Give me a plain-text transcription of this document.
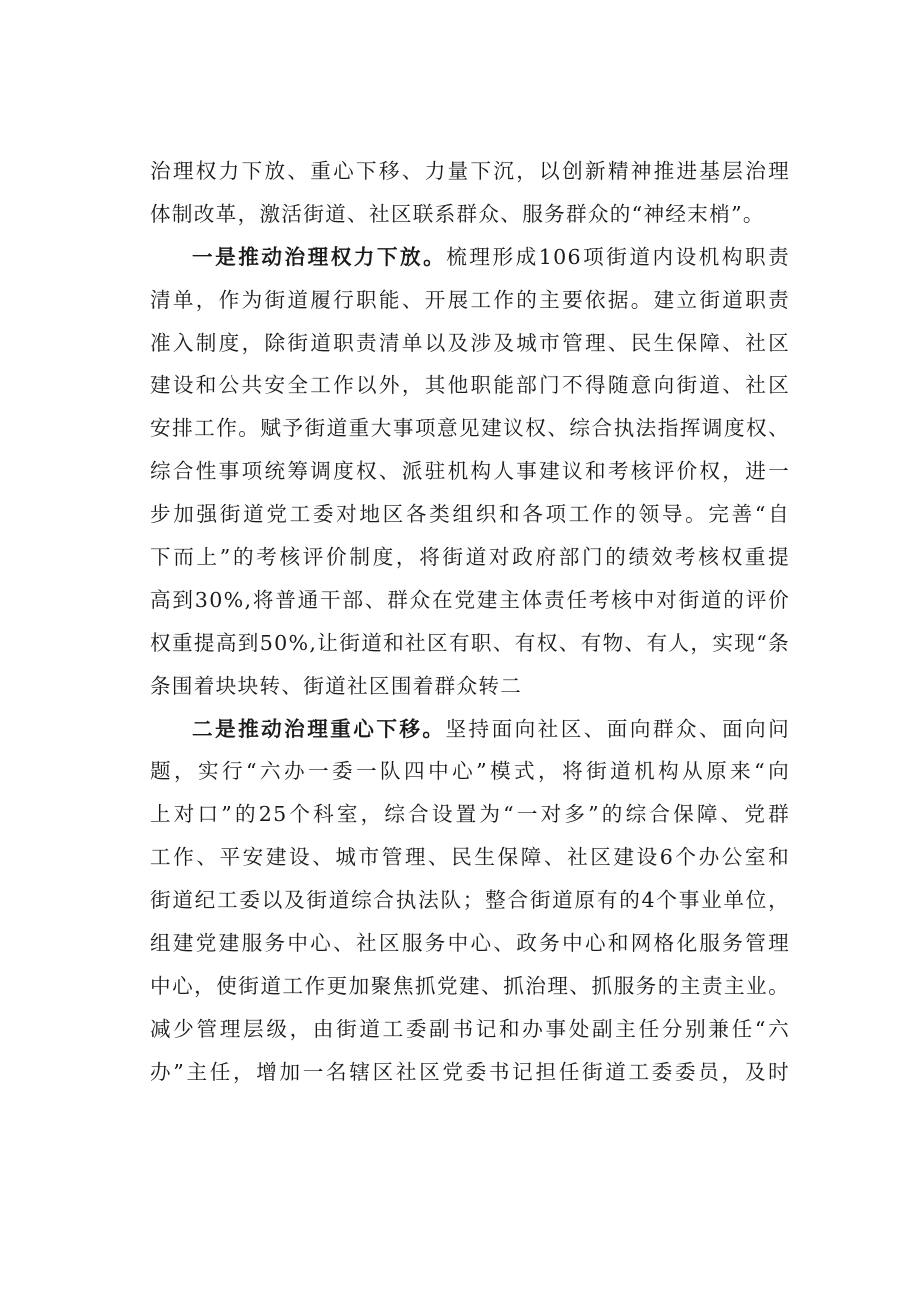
治理权力下放、重心下移、力量下沉，以创新精神推进基层治理
体制改革，激活街道、社区联系群众、服务群众的“神经末梢”。
一是推动治理权力下放。梳理形成106项街道内设机构职责
清单，作为街道履行职能、开展工作的主要依据。建立街道职责
准入制度，除街道职责清单以及涉及城市管理、民生保障、社区
建设和公共安全工作以外，其他职能部门不得随意向街道、社区
安排工作。赋予街道重大事项意见建议权、综合执法指挥调度权、
综合性事项统筹调度权、派驻机构人事建议和考核评价权，进一
步加强街道党工委对地区各类组织和各项工作的领导。完善“自
下而上”的考核评价制度，将街道对政府部门的绩效考核权重提
高到30%,将普通干部、群众在党建主体责任考核中对街道的评价
权重提高到50%,让街道和社区有职、有权、有物、有人，实现“条
条围着块块转、街道社区围着群众转二
二是推动治理重心下移。坚持面向社区、面向群众、面向问
题，实行“六办一委一队四中心”模式，将街道机构从原来“向
上对口”的25个科室，综合设置为“一对多”的综合保障、党群
工作、平安建设、城市管理、民生保障、社区建设6个办公室和
街道纪工委以及街道综合执法队；整合街道原有的4个事业单位，
组建党建服务中心、社区服务中心、政务中心和网格化服务管理
中心，使街道工作更加聚焦抓党建、抓治理、抓服务的主责主业。
减少管理层级，由街道工委副书记和办事处副主任分别兼任“六
办”主任，增加一名辖区社区党委书记担任街道工委委员，及时
